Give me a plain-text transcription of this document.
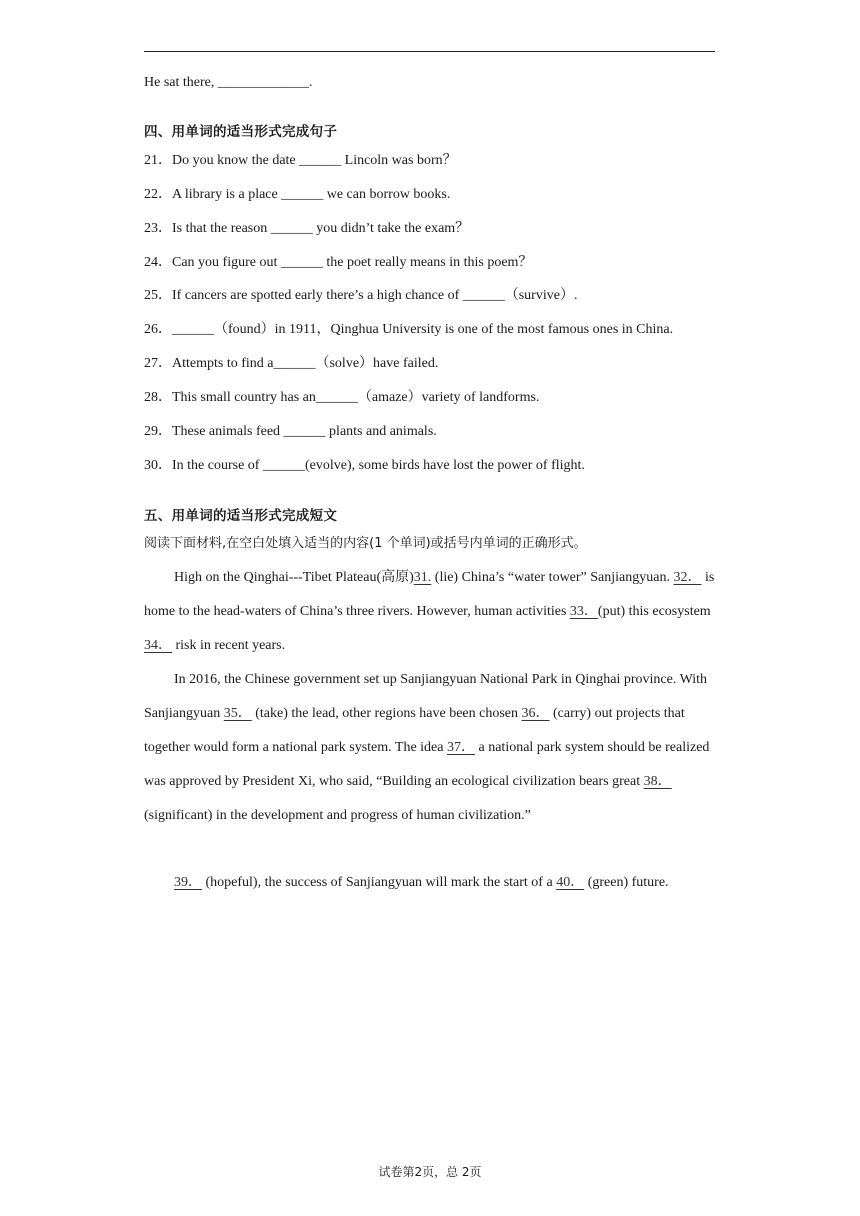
He sat there, _____________.
四、用单词的适当形式完成句子
21．Do you know the date ______ Lincoln was born？
22．A library is a place ______ we can borrow books.
23．Is that the reason ______ you didn’t take the exam？
24．Can you figure out ______ the poet really means in this poem？
25．If cancers are spotted early there’s a high chance of ______（survive）.
26．______（found）in 1911，Qinghua University is one of the most famous ones in China.
27．Attempts to find a______（solve）have failed.
28．This small country has an______（amaze）variety of landforms.
29．These animals feed ______ plants and animals.
30．In the course of ______(evolve), some birds have lost the power of flight.
五、用单词的适当形式完成短文
阅读下面材料,在空白处填入适当的内容(1 个单词)或括号内单词的正确形式。
High on the Qinghai---Tibet Plateau(高原)31. (lie) China’s “water tower” Sanjiangyuan. 32． is home to the head-waters of China’s three rivers. However, human activities 33．(put) this ecosystem 34． risk in recent years.
In 2016, the Chinese government set up Sanjiangyuan National Park in Qinghai province. With Sanjiangyuan 35． (take) the lead, other regions have been chosen 36． (carry) out projects that together would form a national park system. The idea 37． a national park system should be realized was approved by President Xi, who said, “Building an ecological civilization bears great 38． (significant) in the development and progress of human civilization.”
39． (hopeful), the success of Sanjiangyuan will mark the start of a 40． (green) future.
试卷第2页，总 2页
